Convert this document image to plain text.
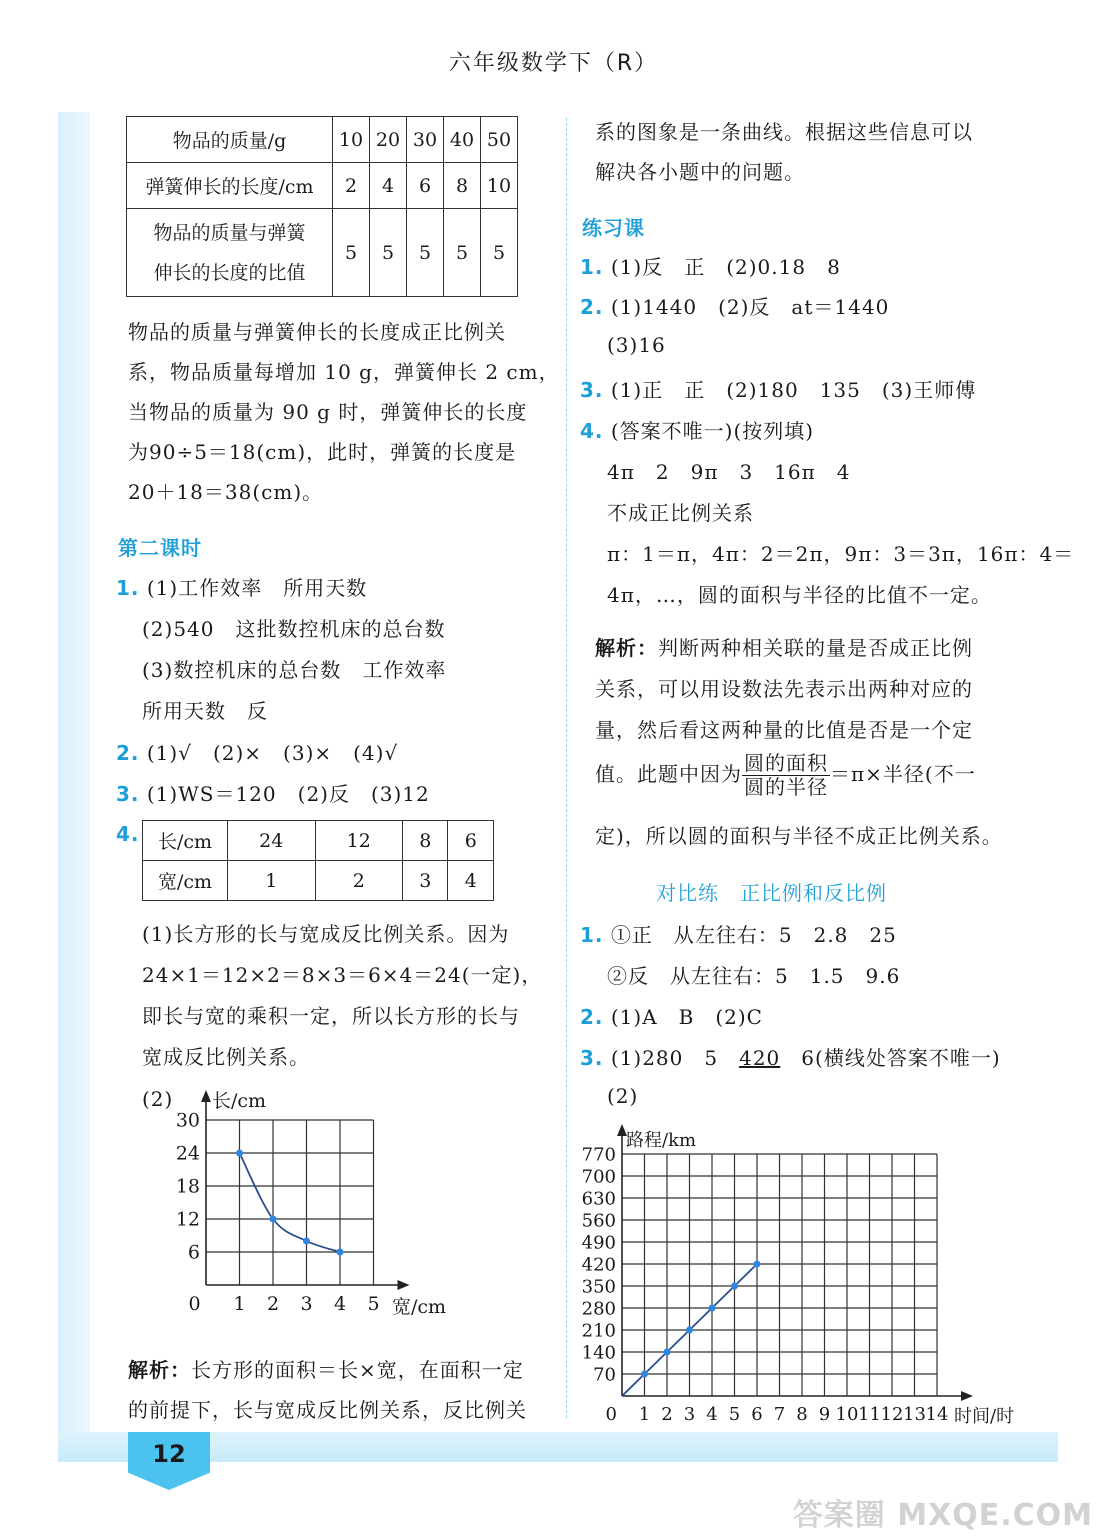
六年级数学下（R）
12
答案圈 MXQE.COM
物品的质量/g	10	20	30	40	50
弹簧伸长的长度/cm	2	4	6	8	10

物品的质量与弹簧
伸长的长度的比值	5	5	5	5	5
物品的质量与弹簧伸长的长度成正比例关
系，物品质量每增加 10 g，弹簧伸长 2 cm，
当物品的质量为 90 g 时，弹簧伸长的长度
为90÷5＝18(cm)，此时，弹簧的长度是
20＋18＝38(cm)。
第二课时
1. (1)工作效率　所用天数
(2)540　这批数控机床的总台数
(3)数控机床的总台数　工作效率
所用天数　反
2. (1)√　(2)×　(3)×　(4)√
3. (1)WS＝120　(2)反　(3)12
4. 长/cm	24	12	8	6
宽/cm	1	2	3	4
(1)长方形的长与宽成反比例关系。因为
24×1＝12×2＝8×3＝6×4＝24(一定)，
即长与宽的乘积一定，所以长方形的长与
宽成反比例关系。
(2) 长/cm
宽/cm
0 1 2 3 4 5
6
12
18
24
30
解析：长方形的面积＝长×宽，在面积一定
的前提下，长与宽成反比例关系，反比例关
系的图象是一条曲线。根据这些信息可以
解决各小题中的问题。
练习课
1. (1)反　正　(2)0.18　8
2. (1)1440　(2)反　at＝1440
(3)16
3. (1)正　正　(2)180　135　(3)王师傅
4. (答案不唯一)(按列填)
4π　2　9π　3　16π　4
不成正比例关系
π：1＝π，4π：2＝2π，9π：3＝3π，16π：4＝
4π，…，圆的面积与半径的比值不一定。
解析：判断两种相关联的量是否成正比例
关系，可以用设数法先表示出两种对应的
量，然后看这两种量的比值是否是一个定
值。此题中因为 $\frac{\text{圆的面积}}{\text{圆的半径}} =\pi\times$半径(不一
定)，所以圆的面积与半径不成正比例关系。
对比练　正比例和反比例
1. ①正　从左往右：5　2.8　25
②反　从左往右：5　1.5　9.6
2. (1)A　B　(2)C
3. (1)280　5　420　6(横线处答案不唯一)
(2)
路程/km
时间/时
0 1 2 3 4 5 6 7 8 9 10 11 12 13 14
70
140
210
280
350
420
490
560
630
700
770
